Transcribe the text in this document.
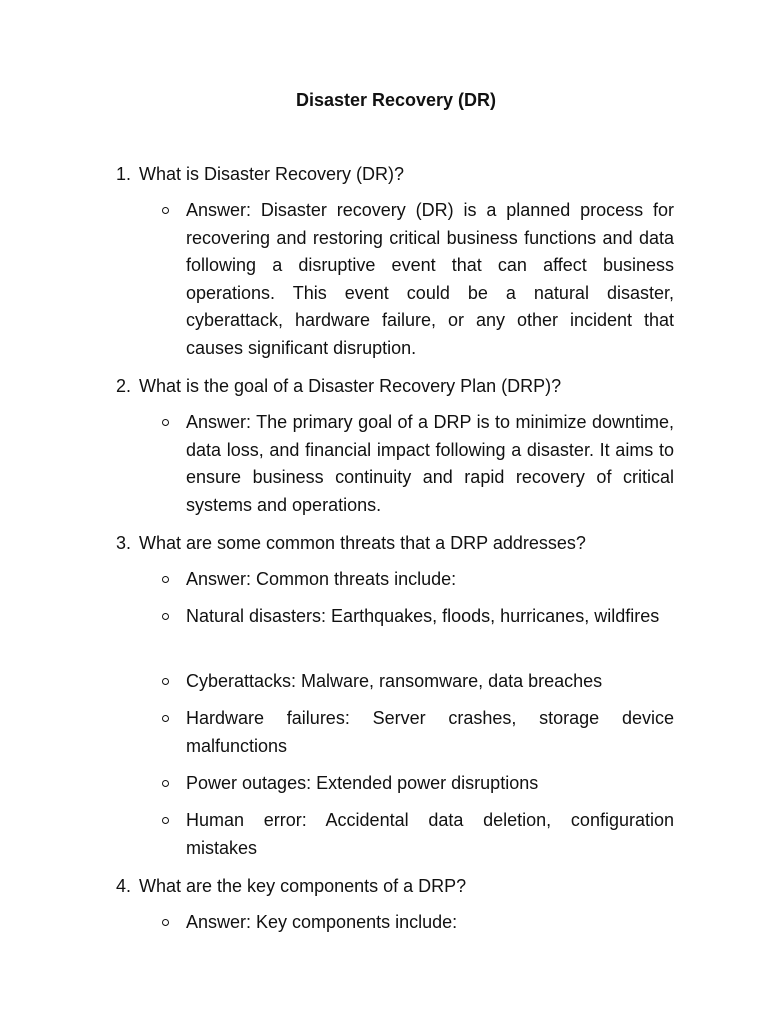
Disaster Recovery (DR)
1. What is Disaster Recovery (DR)?
Answer: Disaster recovery (DR) is a planned process for recovering and restoring critical business functions and data following a disruptive event that can affect business operations. This event could be a natural disaster, cyberattack, hardware failure, or any other incident that causes significant disruption.
2. What is the goal of a Disaster Recovery Plan (DRP)?
Answer: The primary goal of a DRP is to minimize downtime, data loss, and financial impact following a disaster. It aims to ensure business continuity and rapid recovery of critical systems and operations.
3. What are some common threats that a DRP addresses?
Answer: Common threats include:
Natural disasters: Earthquakes, floods, hurricanes, wildfires
Cyberattacks: Malware, ransomware, data breaches
Hardware failures: Server crashes, storage device malfunctions
Power outages: Extended power disruptions
Human error: Accidental data deletion, configuration mistakes
4. What are the key components of a DRP?
Answer: Key components include:
